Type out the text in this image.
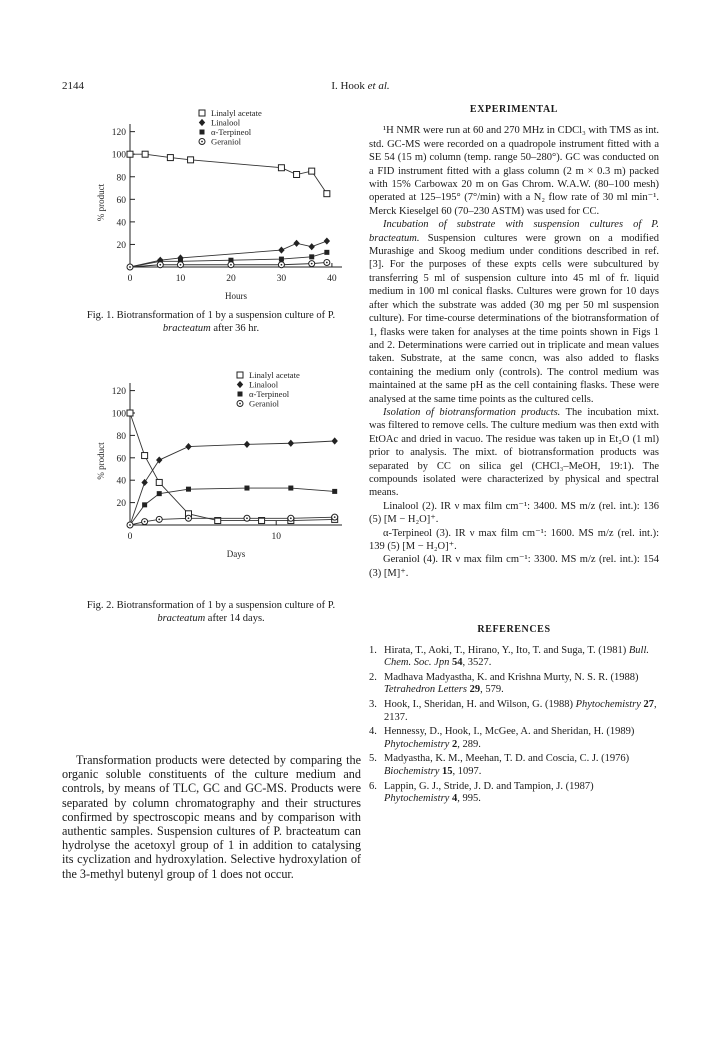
2144	I. Hook et al.
20
40
60
80
100
120
0	10	20	30	40
Hours
% product
Linalyl acetate
Linalool
α-Terpineol
Geraniol
Fig. 1. Biotransformation of 1 by a suspension culture of P. bracteatum after 36 hr.
20
40
60
80
100
120
0	10
Days
% product
Linalyl acetate
Linalool
α-Terpineol
Geraniol
Fig. 2. Biotransformation of 1 by a suspension culture of P. bracteatum after 14 days.
Transformation products were detected by comparing the organic soluble constituents of the culture medium and controls, by means of TLC, GC and GC-MS. Products were separated by column chromatography and their structures confirmed by spectroscopic means and by comparison with authentic samples. Suspension cultures of P. bracteatum can hydrolyse the acetoxyl group of 1 in addition to catalysing its cyclization and hydroxylation. Selective hydroxylation of the 3-methyl butenyl group of 1 does not occur.
EXPERIMENTAL

¹H NMR were run at 60 and 270 MHz in CDCl₃ with TMS as int. std. GC-MS were recorded on a quadropole instrument fitted with a SE 54 (15 m) column (temp. range 50–280°). GC was conducted on a FID instrument fitted with a glass column (2 m × 0.3 m) packed with 15% Carbowax 20 m on Gas Chrom. W.A.W. (80–100 mesh) operated at 125–195° (7°/min) with a N₂ flow rate of 30 ml min⁻¹. Merck Kieselgel 60 (70–230 ASTM) was used for CC.

Incubation of substrate with suspension cultures of P. bracteatum. Suspension cultures were grown on a modified Murashige and Skoog medium under conditions described in ref. [3]. For the purposes of these expts cells were subcultured by transferring 5 ml of suspension culture into 45 ml of fr. liquid medium in 100 ml conical flasks. Cultures were grown for 10 days after which the substrate was added (30 mg per 50 ml suspension culture). For time-course determinations of the biotransformation of 1, flasks were taken for analyses at the time points shown in Figs 1 and 2. Determinations were carried out in triplicate and mean values taken. Substrate, at the same concn, was also added to flasks containing the medium only (controls). The control medium was maintained at the same pH as the cell containing flasks. These were analysed at the same time points as the cultured cells.

Isolation of biotransformation products. The incubation mixt. was filtered to remove cells. The culture medium was then extd with EtOAc and dried in vacuo. The residue was taken up in Et₂O (1 ml) prior to analysis. The mixt. of biotransformation products was separated by CC on silica gel (CHCl₃–MeOH, 19:1). The compounds isolated were characterized by physical and spectral means.

Linalool (2). IR ν max film cm⁻¹: 3400. MS m/z (rel. int.): 136 (5) [M − H₂O]⁺.

α-Terpineol (3). IR ν max film cm⁻¹: 1600. MS m/z (rel. int.): 139 (5) [M − H₂O]⁺.

Geraniol (4). IR ν max film cm⁻¹: 3300. MS m/z (rel. int.): 154 (3) [M]⁺.

REFERENCES
1. Hirata, T., Aoki, T., Hirano, Y., Ito, T. and Suga, T. (1981) Bull. Chem. Soc. Jpn 54, 3527.
2. Madhava Madyastha, K. and Krishna Murty, N. S. R. (1988) Tetrahedron Letters 29, 579.
3. Hook, I., Sheridan, H. and Wilson, G. (1988) Phytochemistry 27, 2137.
4. Hennessy, D., Hook, I., McGee, A. and Sheridan, H. (1989) Phytochemistry 2, 289.
5. Madyastha, K. M., Meehan, T. D. and Coscia, C. J. (1976) Biochemistry 15, 1097.
6. Lappin, G. J., Stride, J. D. and Tampion, J. (1987) Phytochemistry 4, 995.
